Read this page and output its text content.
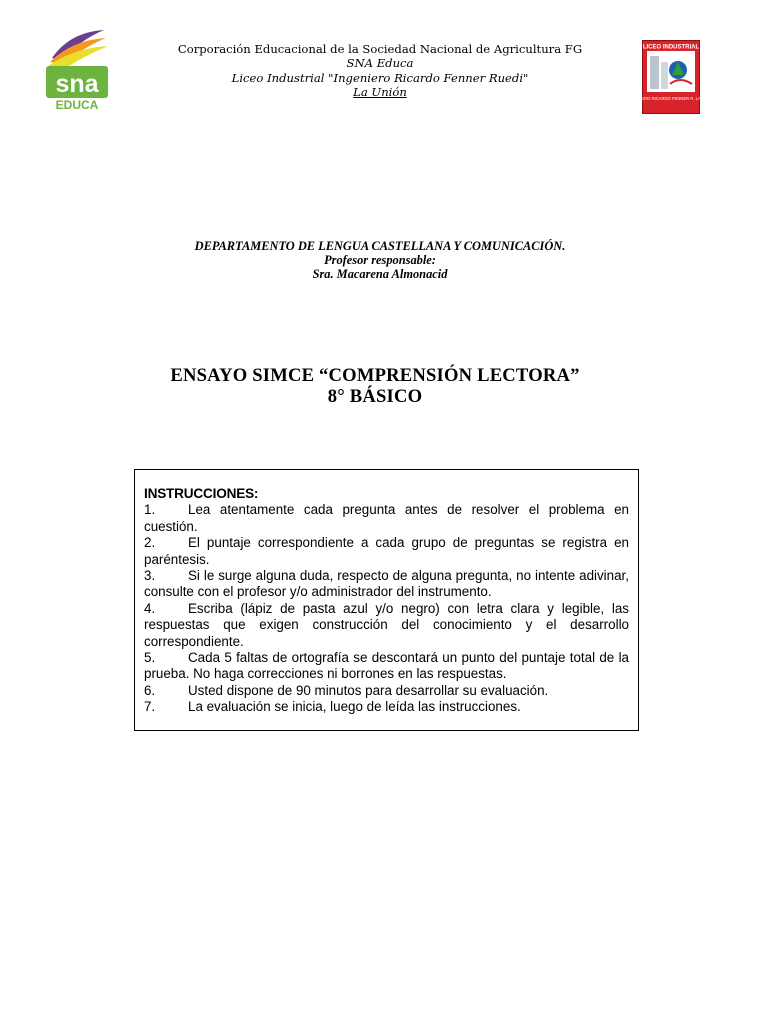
sna
EDUCA
LICEO INDUSTRIAL
INGENIERO RICARDO FENNER R. LA UNIÓN
Corporación Educacional de la Sociedad Nacional de Agricultura FG
SNA Educa
Liceo Industrial "Ingeniero Ricardo Fenner Ruedi"
La Unión
DEPARTAMENTO DE LENGUA CASTELLANA Y COMUNICACIÓN.
Profesor responsable:
Sra. Macarena Almonacid
ENSAYO SIMCE “COMPRENSIÓN LECTORA”
8° BÁSICO
INSTRUCCIONES:
1. Lea atentamente cada pregunta antes de resolver el problema en cuestión.
2. El puntaje correspondiente a cada grupo de preguntas se registra en paréntesis.
3. Si le surge alguna duda, respecto de alguna pregunta, no intente adivinar, consulte con el profesor y/o administrador del instrumento.
4. Escriba (lápiz de pasta azul y/o negro) con letra clara y legible, las respuestas que exigen construcción del conocimiento y el desarrollo correspondiente.
5. Cada 5 faltas de ortografía se descontará un punto del puntaje total de la prueba. No haga correcciones ni borrones en las respuestas.
6. Usted dispone de 90 minutos para desarrollar su evaluación.
7. La evaluación se inicia, luego de leída las instrucciones.
